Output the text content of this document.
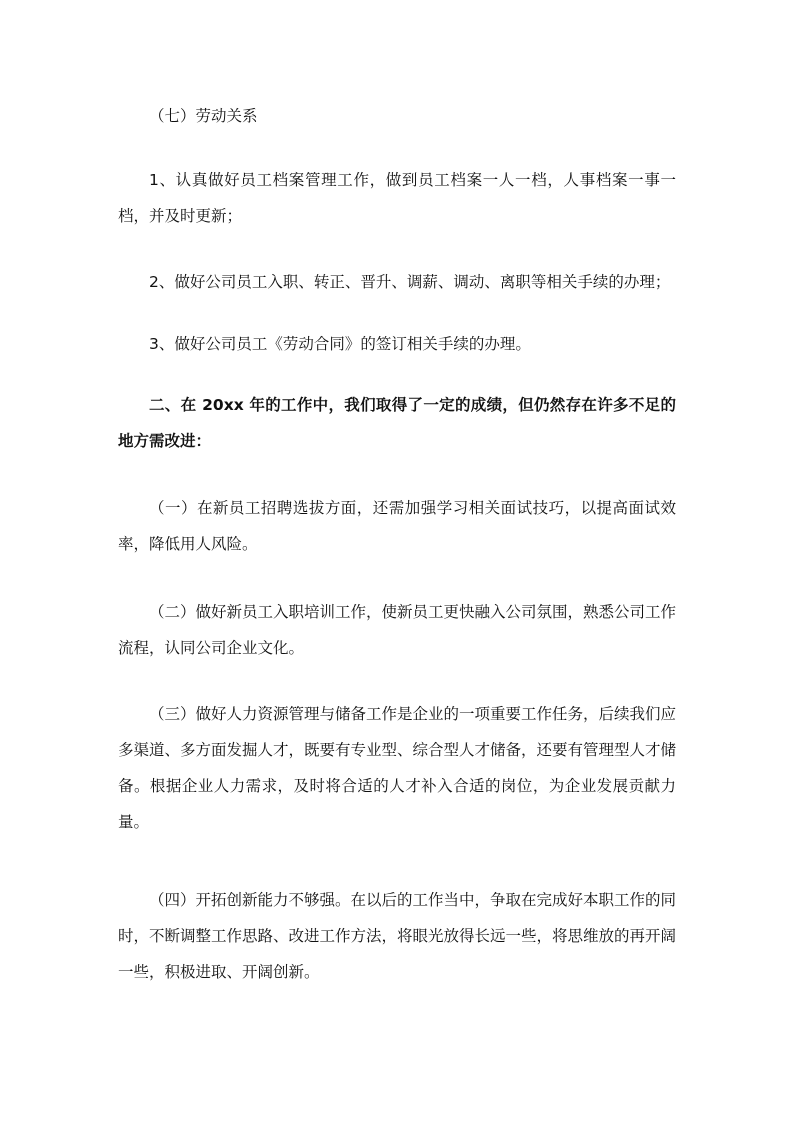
（七）劳动关系

1、认真做好员工档案管理工作，做到员工档案一人一档，人事档案一事一档，并及时更新；

2、做好公司员工入职、转正、晋升、调薪、调动、离职等相关手续的办理；

3、做好公司员工《劳动合同》的签订相关手续的办理。

二、在 20xx 年的工作中，我们取得了一定的成绩，但仍然存在许多不足的地方需改进：

（一）在新员工招聘选拔方面，还需加强学习相关面试技巧，以提高面试效率，降低用人风险。

（二）做好新员工入职培训工作，使新员工更快融入公司氛围，熟悉公司工作流程，认同公司企业文化。

（三）做好人力资源管理与储备工作是企业的一项重要工作任务，后续我们应多渠道、多方面发掘人才，既要有专业型、综合型人才储备，还要有管理型人才储备。根据企业人力需求，及时将合适的人才补入合适的岗位，为企业发展贡献力量。

（四）开拓创新能力不够强。在以后的工作当中，争取在完成好本职工作的同时，不断调整工作思路、改进工作方法，将眼光放得长远一些，将思维放的再开阔一些，积极进取、开阔创新。
